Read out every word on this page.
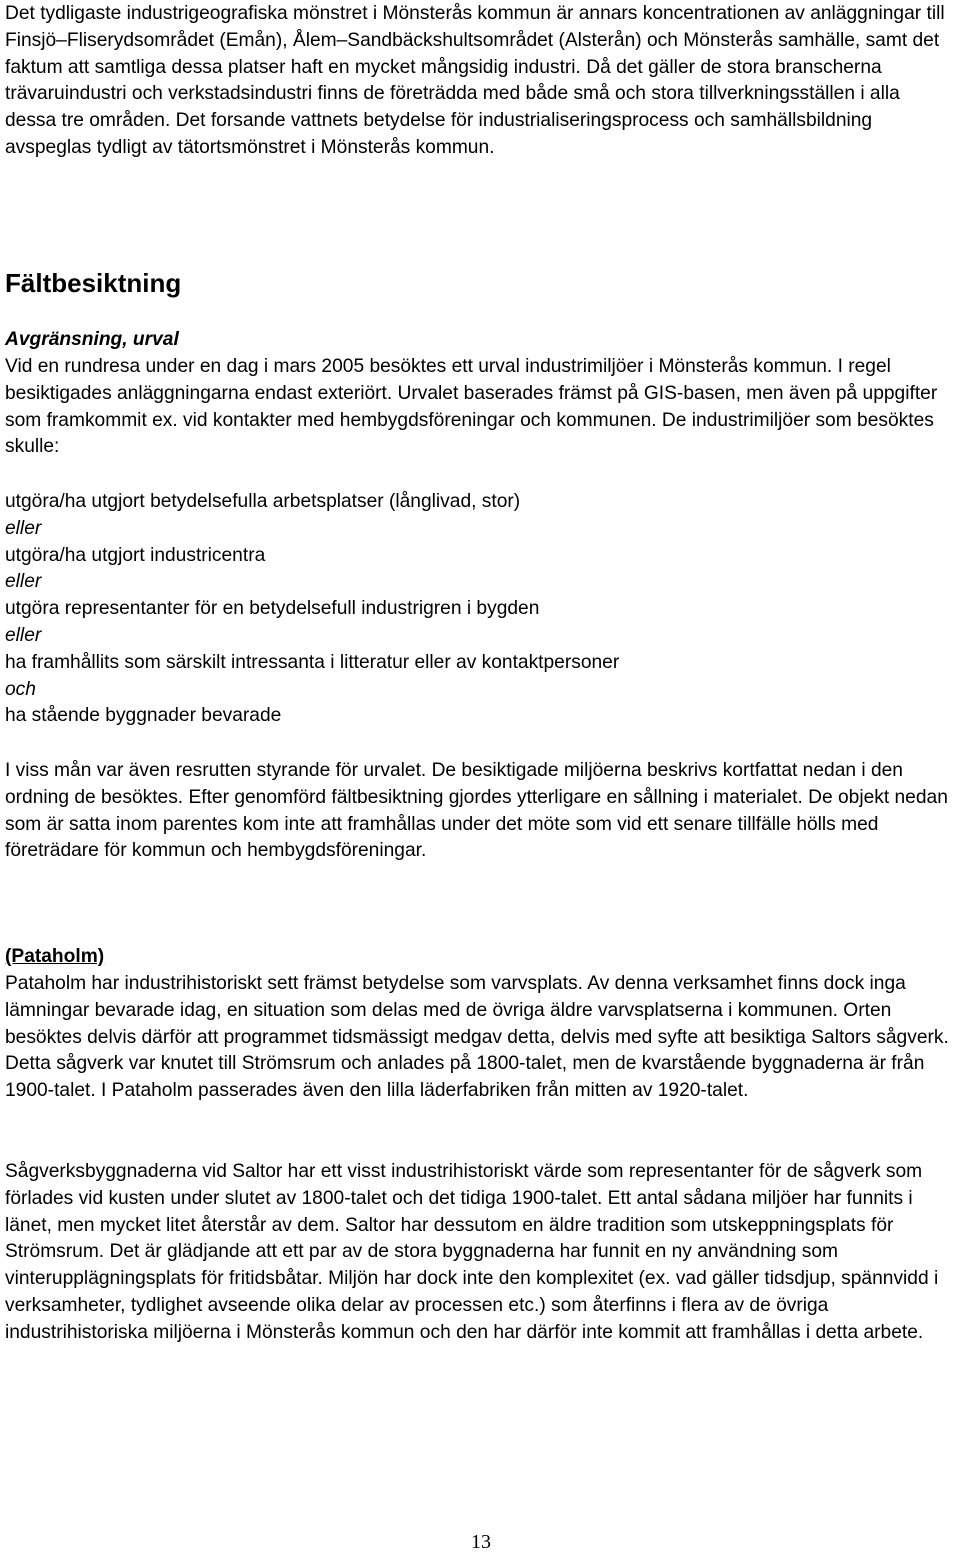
Det tydligaste industrigeografiska mönstret i Mönsterås kommun är annars koncentrationen av anläggningar till Finsjö–Fliserydsområdet (Emån), Ålem–Sandbäckshultsområdet (Alsterån) och Mönsterås samhälle, samt det faktum att samtliga dessa platser haft en mycket mångsidig industri. Då det gäller de stora branscherna trävaruindustri och verkstadsindustri finns de företrädda med både små och stora tillverkningsställen i alla dessa tre områden. Det forsande vattnets betydelse för industrialiseringsprocess och samhällsbildning avspeglas tydligt av tätortsmönstret i Mönsterås kommun.

Fältbesiktning
Avgränsning, urval

Vid en rundresa under en dag i mars 2005 besöktes ett urval industrimiljöer i Mönsterås kommun. I regel besiktigades anläggningarna endast exteriört. Urvalet baserades främst på GIS-basen, men även på uppgifter som framkommit ex. vid kontakter med hembygdsföreningar och kommunen. De industrimiljöer som besöktes skulle:

utgöra/ha utgjort betydelsefulla arbetsplatser (långlivad, stor)
eller
utgöra/ha utgjort industricentra
eller
utgöra representanter för en betydelsefull industrigren i bygden
eller
ha framhållits som särskilt intressanta i litteratur eller av kontaktpersoner
och
ha stående byggnader bevarade

I viss mån var även resrutten styrande för urvalet. De besiktigade miljöerna beskrivs kortfattat nedan i den ordning de besöktes. Efter genomförd fältbesiktning gjordes ytterligare en sållning i materialet. De objekt nedan som är satta inom parentes kom inte att framhållas under det möte som vid ett senare tillfälle hölls med företrädare för kommun och hembygdsföreningar.

(Pataholm)

Pataholm har industrihistoriskt sett främst betydelse som varvsplats. Av denna verksamhet finns dock inga lämningar bevarade idag, en situation som delas med de övriga äldre varvsplatserna i kommunen. Orten besöktes delvis därför att programmet tidsmässigt medgav detta, delvis med syfte att besiktiga Saltors sågverk. Detta sågverk var knutet till Strömsrum och anlades på 1800-talet, men de kvarstående byggnaderna är från 1900-talet. I Pataholm passerades även den lilla läderfabriken från mitten av 1920-talet.

Sågverksbyggnaderna vid Saltor har ett visst industrihistoriskt värde som representanter för de sågverk som förlades vid kusten under slutet av 1800-talet och det tidiga 1900-talet. Ett antal sådana miljöer har funnits i länet, men mycket litet återstår av dem. Saltor har dessutom en äldre tradition som utskeppningsplats för Strömsrum. Det är glädjande att ett par av de stora byggnaderna har funnit en ny användning som vinterupplägningsplats för fritidsbåtar. Miljön har dock inte den komplexitet (ex. vad gäller tidsdjup, spännvidd i verksamheter, tydlighet avseende olika delar av processen etc.) som återfinns i flera av de övriga industrihistoriska miljöerna i Mönsterås kommun och den har därför inte kommit att framhållas i detta arbete.

13
